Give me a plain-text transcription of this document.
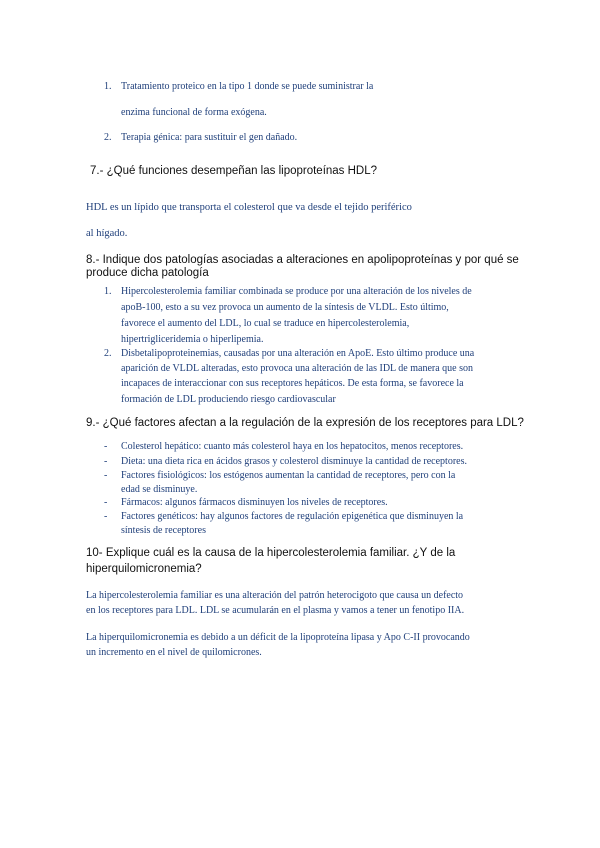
1. Tratamiento proteico en la tipo 1 donde se puede suministrar la
enzima funcional de forma exógena.
2. Terapia génica: para sustituir el gen dañado.
7.- ¿Qué funciones desempeñan las lipoproteínas HDL?
HDL es un lípido que transporta el colesterol que va desde el tejido periférico
al hígado.
8.- Indique dos patologías asociadas a alteraciones en apolipoproteínas y por qué se
produce dicha patología
1. Hipercolesterolemia familiar combinada se produce por una alteración de los niveles de
apoB-100, esto a su vez provoca un aumento de la síntesis de VLDL. Esto último,
favorece el aumento del LDL, lo cual se traduce en hipercolesterolemia,
hipertrigliceridemia o hiperlipemia.
2. Disbetalipoproteinemias, causadas por una alteración en ApoE. Esto último produce una
aparición de VLDL alteradas, esto provoca una alteración de las IDL de manera que son
incapaces de interaccionar con sus receptores hepáticos. De esta forma, se favorece la
formación de LDL produciendo riesgo cardiovascular
9.- ¿Qué factores afectan a la regulación de la expresión de los receptores para LDL?
- Colesterol hepático: cuanto más colesterol haya en los hepatocitos, menos receptores.
- Dieta: una dieta rica en ácidos grasos y colesterol disminuye la cantidad de receptores.
- Factores fisiológicos: los estógenos aumentan la cantidad de receptores, pero con la
edad se disminuye.
- Fármacos: algunos fármacos disminuyen los niveles de receptores.
- Factores genéticos: hay algunos factores de regulación epigenética que disminuyen la
síntesis de receptores
10- Explique cuál es la causa de la hipercolesterolemia familiar. ¿Y de la
hiperquilomicronemia?
La hipercolesterolemia familiar es una alteración del patrón heterocigoto que causa un defecto
en los receptores para LDL. LDL se acumularán en el plasma y vamos a tener un fenotipo IIA.
La hiperquilomicronemia es debido a un déficit de la lipoproteína lipasa y Apo C-II provocando
un incremento en el nivel de quilomicrones.
